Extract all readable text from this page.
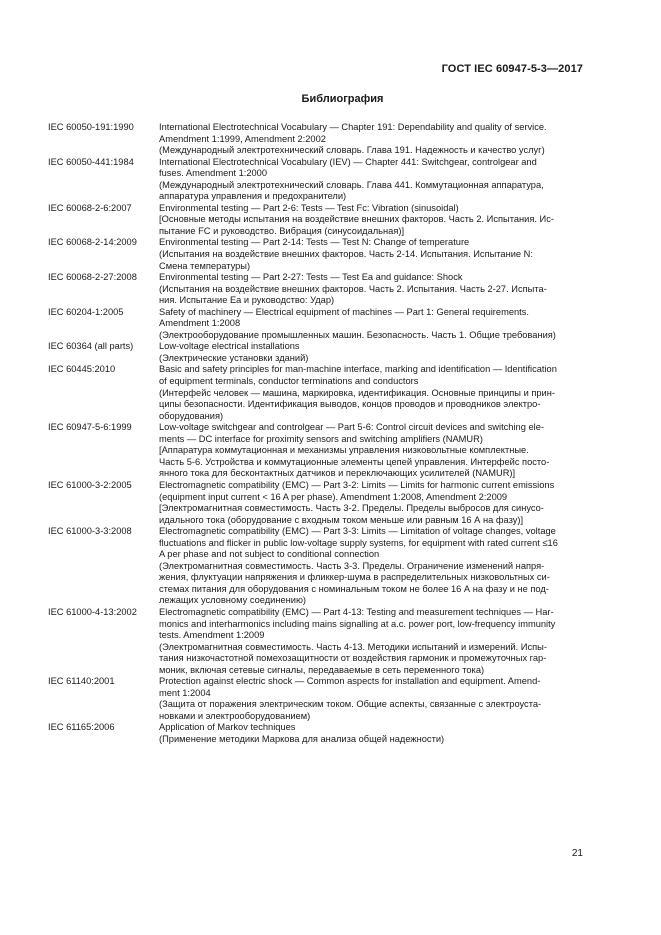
ГОСТ IEC 60947-5-3—2017
Библиография
IEC 60050-191:1990	International Electrotechnical Vocabulary — Chapter 191: Dependability and quality of service.
Amendment 1:1999, Amendment 2:2002
(Международный электротехнический словарь. Глава 191. Надежность и качество услуг)
IEC 60050-441:1984	International Electrotechnical Vocabulary (IEV) — Chapter 441: Switchgear, controlgear and
fuses. Amendment 1:2000
(Международный электротехнический словарь. Глава 441. Коммутационная аппаратура,
аппаратура управления и предохранители)
IEC 60068-2-6:2007	Environmental testing — Part 2-6: Tests — Test Fc: Vibration (sinusoidal)
[Основные методы испытания на воздействие внешних факторов. Часть 2. Испытания. Ис-
пытание FC и руководство. Вибрация (синусоидальная)]
IEC 60068-2-14:2009	Environmental testing — Part 2-14: Tests — Test N: Change of temperature
(Испытания на воздействие внешних факторов. Часть 2-14. Испытания. Испытание N:
Смена температуры)
IEC 60068-2-27:2008	Environmental testing — Part 2-27: Tests — Test Ea and guidance: Shock
(Испытания на воздействие внешних факторов. Часть 2. Испытания. Часть 2-27. Испыта-
ния. Испытание Ea и руководство: Удар)
IEC 60204-1:2005	Safety of machinery — Electrical equipment of machines — Part 1: General requirements.
Amendment 1:2008
(Электрооборудование промышленных машин. Безопасность. Часть 1. Общие требования)
IEC 60364 (all parts)	Low-voltage electrical installations
(Электрические установки зданий)
IEC 60445:2010	Basic and safety principles for man-machine interface, marking and identification — Identification
of equipment terminals, conductor terminations and conductors
(Интерфейс человек — машина, маркировка, идентификация. Основные принципы и прин-
ципы безопасности. Идентификация выводов, концов проводов и проводников электро-
оборудования)
IEC 60947-5-6:1999	Low-voltage switchgear and controlgear — Part 5-6: Control circuit devices and switching ele-
ments — DC interface for proximity sensors and switching amplifiers (NAMUR)
[Аппаратура коммутационная и механизмы управления низковольтные комплектные.
Часть 5-6. Устройства и коммутационные элементы цепей управления. Интерфейс посто-
янного тока для бесконтактных датчиков и переключающих усилителей (NAMUR)]
IEC 61000-3-2:2005	Electromagnetic compatibility (EMC) — Part 3-2: Limits — Limits for harmonic current emissions
(equipment input current < 16 A per phase). Amendment 1:2008, Amendment 2:2009
[Электромагнитная совместимость. Часть 3-2. Пределы. Пределы выбросов для синусо-
идального тока (оборудование с входным током меньше или равным 16 А на фазу)]
IEC 61000-3-3:2008	Electromagnetic compatibility (EMC) — Part 3-3: Limits — Limitation of voltage changes, voltage
fluctuations and flicker in public low-voltage supply systems, for equipment with rated current ≤16
A per phase and not subject to conditional connection
(Электромагнитная совместимость. Часть 3-3. Пределы. Ограничение изменений напря-
жения, флуктуации напряжения и фликкер-шума в распределительных низковольтных си-
стемах питания для оборудования с номинальным током не более 16 А на фазу и не под-
лежащих условному соединению)
IEC 61000-4-13:2002	Electromagnetic compatibility (EMC) — Part 4-13: Testing and measurement techniques — Har-
monics and interharmonics including mains signalling at a.c. power port, low-frequency immunity
tests. Amendment 1:2009
(Электромагнитная совместимость. Часть 4-13. Методики испытаний и измерений. Испы-
тания низкочастотной помехозащитности от воздействия гармоник и промежуточных гар-
моник, включая сетевые сигналы, передаваемые в сеть переменного тока)
IEC 61140:2001	Protection against electric shock — Common aspects for installation and equipment. Amend-
ment 1:2004
(Защита от поражения электрическим током. Общие аспекты, связанные с электроуста-
новками и электрооборудованием)
IEC 61165:2006	Application of Markov techniques
(Применение методики Маркова для анализа общей надежности)
21
